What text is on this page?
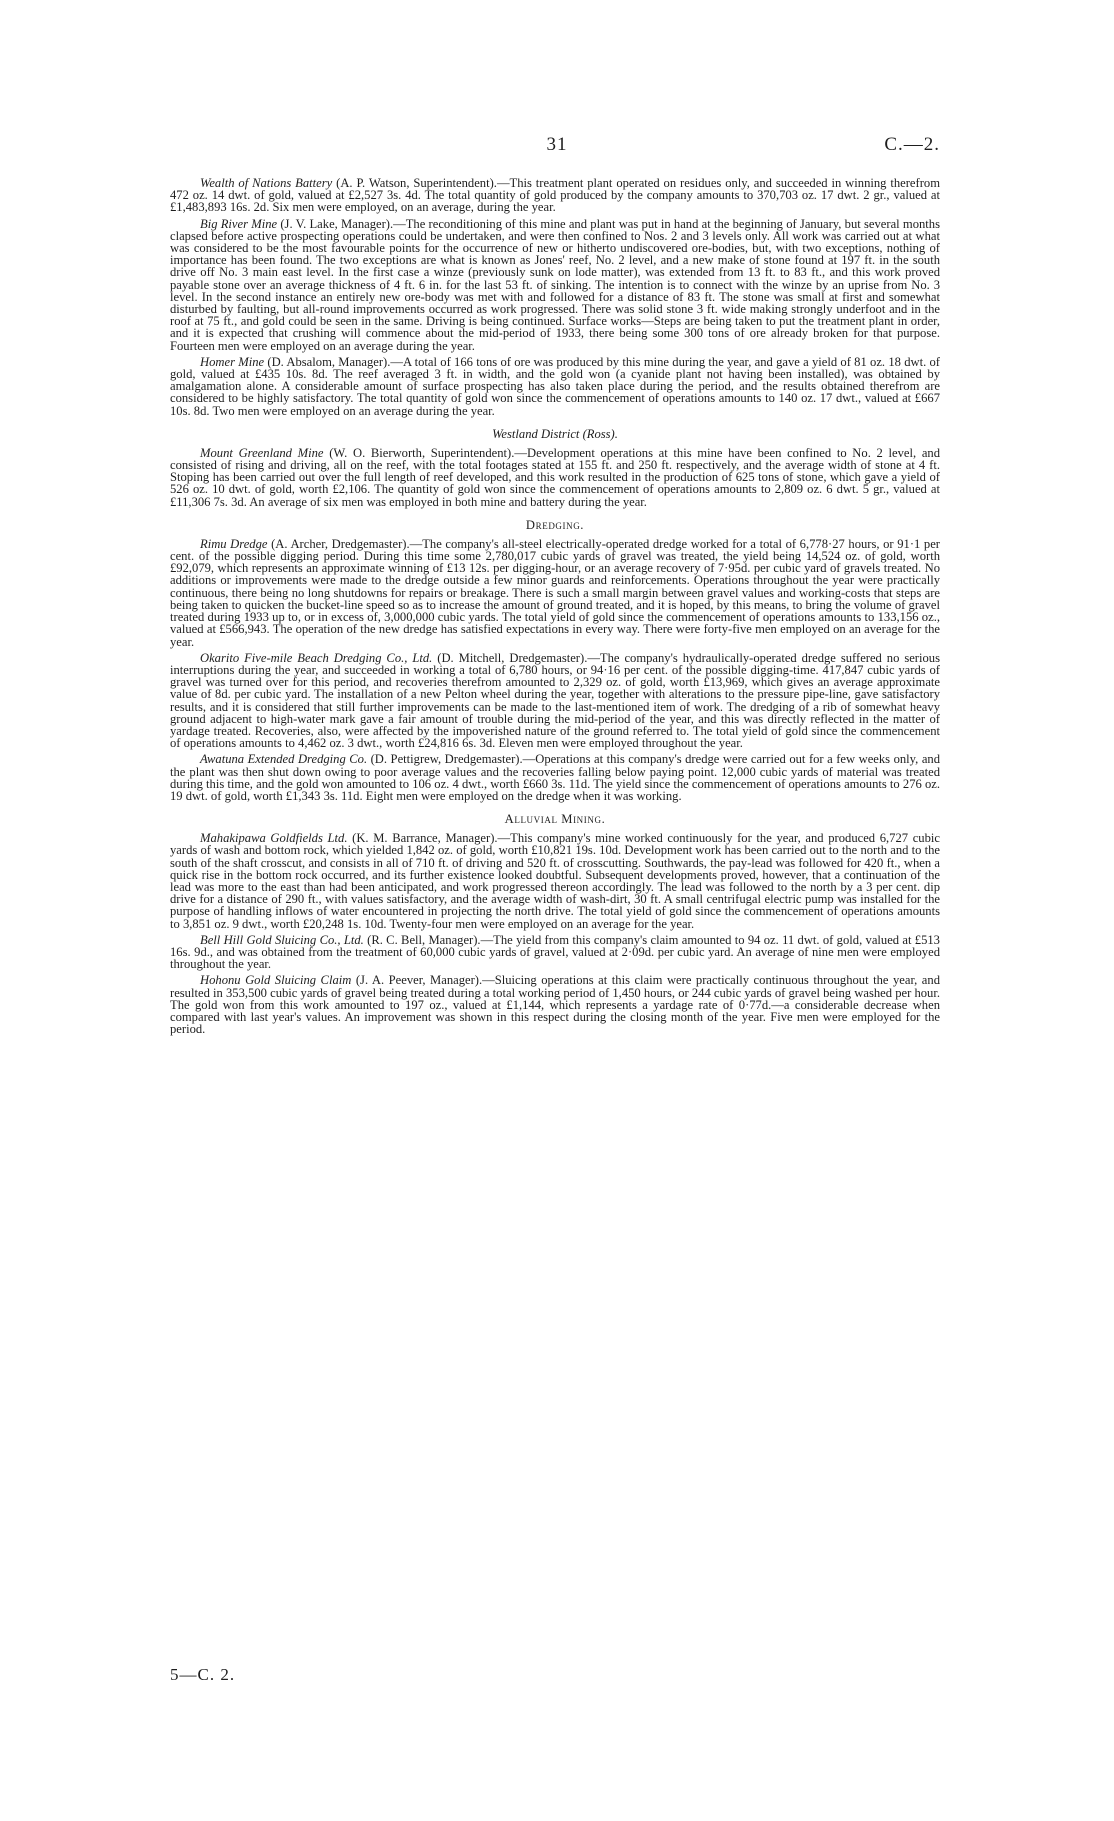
31	C.—2.

Wealth of Nations Battery (A. P. Watson, Superintendent).—This treatment plant operated on residues only, and succeeded in winning therefrom 472 oz. 14 dwt. of gold, valued at £2,527 3s. 4d. The total quantity of gold produced by the company amounts to 370,703 oz. 17 dwt. 2 gr., valued at £1,483,893 16s. 2d. Six men were employed, on an average, during the year.

Big River Mine (J. V. Lake, Manager).—The reconditioning of this mine and plant was put in hand at the beginning of January, but several months clapsed before active prospecting operations could be undertaken, and were then confined to Nos. 2 and 3 levels only. All work was carried out at what was considered to be the most favourable points for the occurrence of new or hitherto undiscovered ore-bodies, but, with two exceptions, nothing of importance has been found. The two exceptions are what is known as Jones' reef, No. 2 level, and a new make of stone found at 197 ft. in the south drive off No. 3 main east level. In the first case a winze (previously sunk on lode matter), was extended from 13 ft. to 83 ft., and this work proved payable stone over an average thickness of 4 ft. 6 in. for the last 53 ft. of sinking. The intention is to connect with the winze by an uprise from No. 3 level. In the second instance an entirely new ore-body was met with and followed for a distance of 83 ft. The stone was small at first and somewhat disturbed by faulting, but all-round improvements occurred as work progressed. There was solid stone 3 ft. wide making strongly underfoot and in the roof at 75 ft., and gold could be seen in the same. Driving is being continued. Surface works—Steps are being taken to put the treatment plant in order, and it is expected that crushing will commence about the mid-period of 1933, there being some 300 tons of ore already broken for that purpose. Fourteen men were employed on an average during the year.

Homer Mine (D. Absalom, Manager).—A total of 166 tons of ore was produced by this mine during the year, and gave a yield of 81 oz. 18 dwt. of gold, valued at £435 10s. 8d. The reef averaged 3 ft. in width, and the gold won (a cyanide plant not having been installed), was obtained by amalgamation alone. A considerable amount of surface prospecting has also taken place during the period, and the results obtained therefrom are considered to be highly satisfactory. The total quantity of gold won since the commencement of operations amounts to 140 oz. 17 dwt., valued at £667 10s. 8d. Two men were employed on an average during the year.

Westland District (Ross).

Mount Greenland Mine (W. O. Bierworth, Superintendent).—Development operations at this mine have been confined to No. 2 level, and consisted of rising and driving, all on the reef, with the total footages stated at 155 ft. and 250 ft. respectively, and the average width of stone at 4 ft. Stoping has been carried out over the full length of reef developed, and this work resulted in the production of 625 tons of stone, which gave a yield of 526 oz. 10 dwt. of gold, worth £2,106. The quantity of gold won since the commencement of operations amounts to 2,809 oz. 6 dwt. 5 gr., valued at £11,306 7s. 3d. An average of six men was employed in both mine and battery during the year.

Dredging.

Rimu Dredge (A. Archer, Dredgemaster).—The company's all-steel electrically-operated dredge worked for a total of 6,778·27 hours, or 91·1 per cent. of the possible digging period. During this time some 2,780,017 cubic yards of gravel was treated, the yield being 14,524 oz. of gold, worth £92,079, which represents an approximate winning of £13 12s. per digging-hour, or an average recovery of 7·95d. per cubic yard of gravels treated. No additions or improvements were made to the dredge outside a few minor guards and reinforcements. Operations throughout the year were practically continuous, there being no long shutdowns for repairs or breakage. There is such a small margin between gravel values and working-costs that steps are being taken to quicken the bucket-line speed so as to increase the amount of ground treated, and it is hoped, by this means, to bring the volume of gravel treated during 1933 up to, or in excess of, 3,000,000 cubic yards. The total yield of gold since the commencement of operations amounts to 133,156 oz., valued at £566,943. The operation of the new dredge has satisfied expectations in every way. There were forty-five men employed on an average for the year.

Okarito Five-mile Beach Dredging Co., Ltd. (D. Mitchell, Dredgemaster).—The company's hydraulically-operated dredge suffered no serious interruptions during the year, and succeeded in working a total of 6,780 hours, or 94·16 per cent. of the possible digging-time. 417,847 cubic yards of gravel was turned over for this period, and recoveries therefrom amounted to 2,329 oz. of gold, worth £13,969, which gives an average approximate value of 8d. per cubic yard. The installation of a new Pelton wheel during the year, together with alterations to the pressure pipe-line, gave satisfactory results, and it is considered that still further improvements can be made to the last-mentioned item of work. The dredging of a rib of somewhat heavy ground adjacent to high-water mark gave a fair amount of trouble during the mid-period of the year, and this was directly reflected in the matter of yardage treated. Recoveries, also, were affected by the impoverished nature of the ground referred to. The total yield of gold since the commencement of operations amounts to 4,462 oz. 3 dwt., worth £24,816 6s. 3d. Eleven men were employed throughout the year.

Awatuna Extended Dredging Co. (D. Pettigrew, Dredgemaster).—Operations at this company's dredge were carried out for a few weeks only, and the plant was then shut down owing to poor average values and the recoveries falling below paying point. 12,000 cubic yards of material was treated during this time, and the gold won amounted to 106 oz. 4 dwt., worth £660 3s. 11d. The yield since the commencement of operations amounts to 276 oz. 19 dwt. of gold, worth £1,343 3s. 11d. Eight men were employed on the dredge when it was working.

Alluvial Mining.

Mahakipawa Goldfields Ltd. (K. M. Barrance, Manager).—This company's mine worked continuously for the year, and produced 6,727 cubic yards of wash and bottom rock, which yielded 1,842 oz. of gold, worth £10,821 19s. 10d. Development work has been carried out to the north and to the south of the shaft crosscut, and consists in all of 710 ft. of driving and 520 ft. of crosscutting. Southwards, the pay-lead was followed for 420 ft., when a quick rise in the bottom rock occurred, and its further existence looked doubtful. Subsequent developments proved, however, that a continuation of the lead was more to the east than had been anticipated, and work progressed thereon accordingly. The lead was followed to the north by a 3 per cent. dip drive for a distance of 290 ft., with values satisfactory, and the average width of wash-dirt, 30 ft. A small centrifugal electric pump was installed for the purpose of handling inflows of water encountered in projecting the north drive. The total yield of gold since the commencement of operations amounts to 3,851 oz. 9 dwt., worth £20,248 1s. 10d. Twenty-four men were employed on an average for the year.

Bell Hill Gold Sluicing Co., Ltd. (R. C. Bell, Manager).—The yield from this company's claim amounted to 94 oz. 11 dwt. of gold, valued at £513 16s. 9d., and was obtained from the treatment of 60,000 cubic yards of gravel, valued at 2·09d. per cubic yard. An average of nine men were employed throughout the year.

Hohonu Gold Sluicing Claim (J. A. Peever, Manager).—Sluicing operations at this claim were practically continuous throughout the year, and resulted in 353,500 cubic yards of gravel being treated during a total working period of 1,450 hours, or 244 cubic yards of gravel being washed per hour. The gold won from this work amounted to 197 oz., valued at £1,144, which represents a yardage rate of 0·77d.—a considerable decrease when compared with last year's values. An improvement was shown in this respect during the closing month of the year. Five men were employed for the period.

5—C. 2.
